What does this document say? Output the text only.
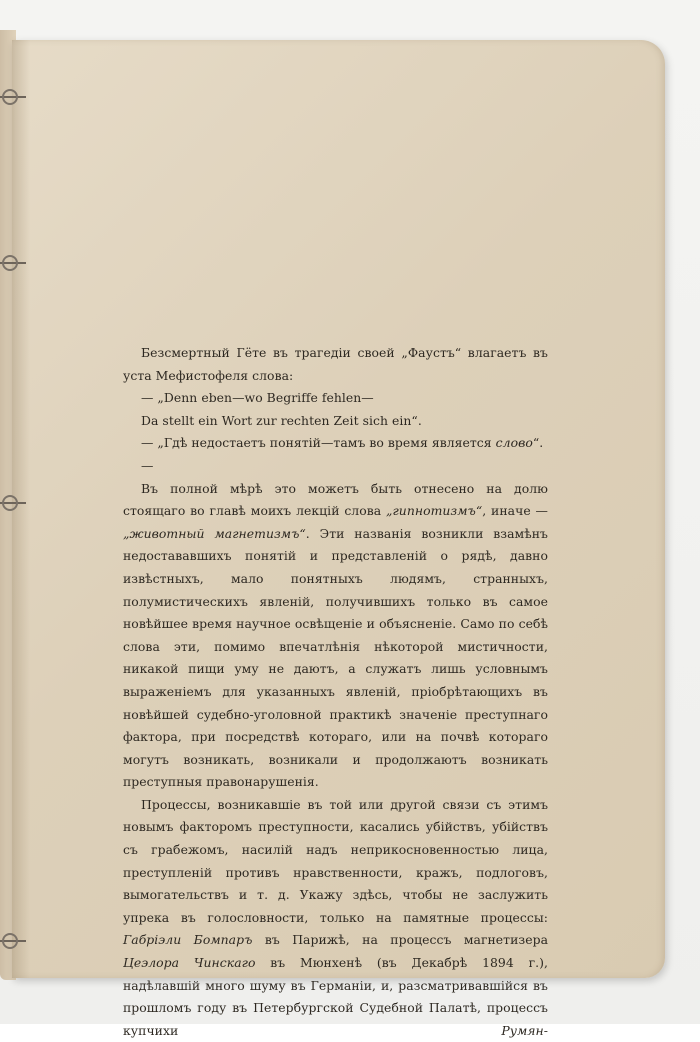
Безсмертный Гёте въ трагедіи своей „Фаустъ“ влагаетъ въ уста Мефистофеля слова:

— „Denn eben—wo Begriffe fehlen—

Da stellt ein Wort zur rechten Zeit sich ein“.

— „Гдѣ недостаетъ понятій—тамъ во время является слово“.—

Въ полной мѣрѣ это можетъ быть отнесено на долю стоящаго во главѣ моихъ лекцій слова „гипнотизмъ“, иначе — „животный магнетизмъ“. Эти названія возникли взамѣнъ недостававшихъ понятій и представленій о рядѣ, давно извѣстныхъ, мало понятныхъ людямъ, странныхъ, полумистическихъ явленій, получившихъ только въ самое новѣйшее время научное освѣщеніе и объясненіе. Само по себѣ слова эти, помимо впечатлѣнія нѣкоторой мистичности, никакой пищи уму не даютъ, а служатъ лишь условнымъ выраженіемъ для указанныхъ явленій, пріобрѣтающихъ въ новѣйшей судебно-уголовной практикѣ значеніе преступнаго фактора, при посредствѣ котораго, или на почвѣ котораго могутъ возникать, возникали и продолжаютъ возникать преступныя правонарушенія.

Процессы, возникавшіе въ той или другой связи съ этимъ новымъ факторомъ преступности, касались убійствъ, убійствъ съ грабежомъ, насилій надъ неприкосновенностью лица, преступленій противъ нравственности, кражъ, подлоговъ, вымогательствъ и т. д. Укажу здѣсь, чтобы не заслужить упрека въ голословности, только на памятные процессы: Габріэли Бомпаръ въ Парижѣ, на процессъ магнетизера Цеэлора Чинскаго въ Мюнхенѣ (въ Декабрѣ 1894 г.), надѣлавшій много шуму въ Германіи, и, разсматривавшійся въ прошломъ году въ Петербургской Судебной Палатѣ, процессъ купчихи Румян-
